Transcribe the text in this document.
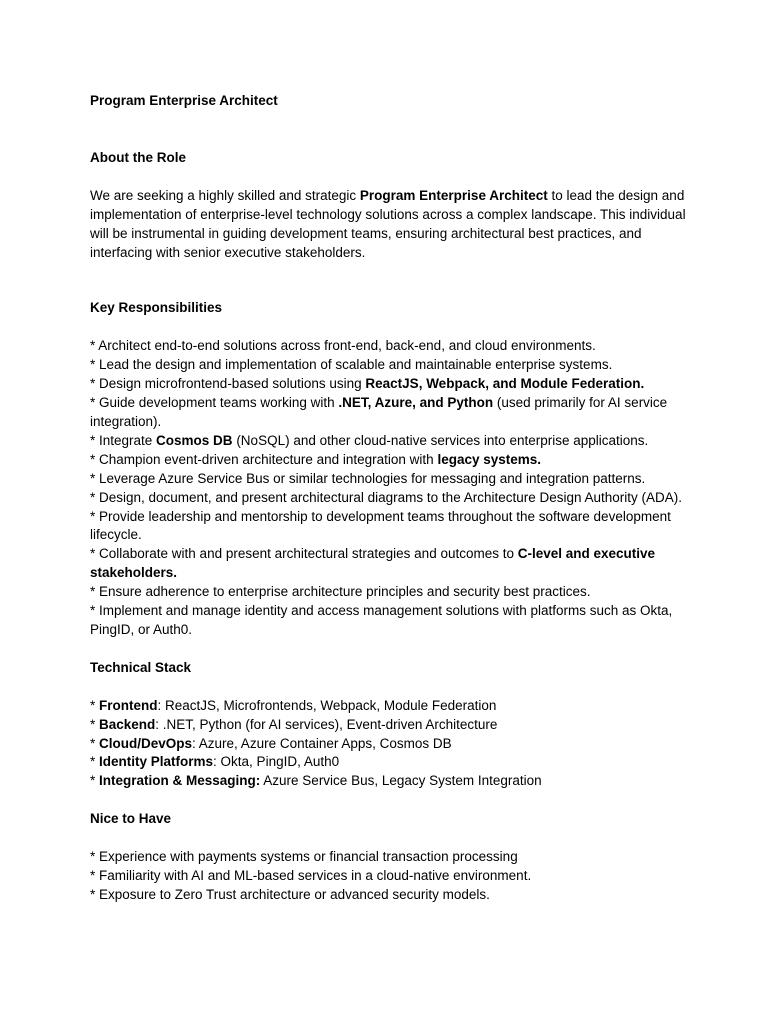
Program Enterprise Architect
About the Role

We are seeking a highly skilled and strategic Program Enterprise Architect to lead the design and implementation of enterprise-level technology solutions across a complex landscape. This individual will be instrumental in guiding development teams, ensuring architectural best practices, and interfacing with senior executive stakeholders.

Key Responsibilities
* Architect end-to-end solutions across front-end, back-end, and cloud environments.
* Lead the design and implementation of scalable and maintainable enterprise systems.
* Design microfrontend-based solutions using ReactJS, Webpack, and Module Federation.
* Guide development teams working with .NET, Azure, and Python (used primarily for AI service integration).
* Integrate Cosmos DB (NoSQL) and other cloud-native services into enterprise applications.
* Champion event-driven architecture and integration with legacy systems.
* Leverage Azure Service Bus or similar technologies for messaging and integration patterns.
* Design, document, and present architectural diagrams to the Architecture Design Authority (ADA).
* Provide leadership and mentorship to development teams throughout the software development lifecycle.
* Collaborate with and present architectural strategies and outcomes to C-level and executive stakeholders.
* Ensure adherence to enterprise architecture principles and security best practices.
* Implement and manage identity and access management solutions with platforms such as Okta, PingID, or Auth0.
Technical Stack
* Frontend: ReactJS, Microfrontends, Webpack, Module Federation
* Backend: .NET, Python (for AI services), Event-driven Architecture
* Cloud/DevOps: Azure, Azure Container Apps, Cosmos DB
* Identity Platforms: Okta, PingID, Auth0
* Integration & Messaging: Azure Service Bus, Legacy System Integration
Nice to Have
* Experience with payments systems or financial transaction processing
* Familiarity with AI and ML-based services in a cloud-native environment.
* Exposure to Zero Trust architecture or advanced security models.
